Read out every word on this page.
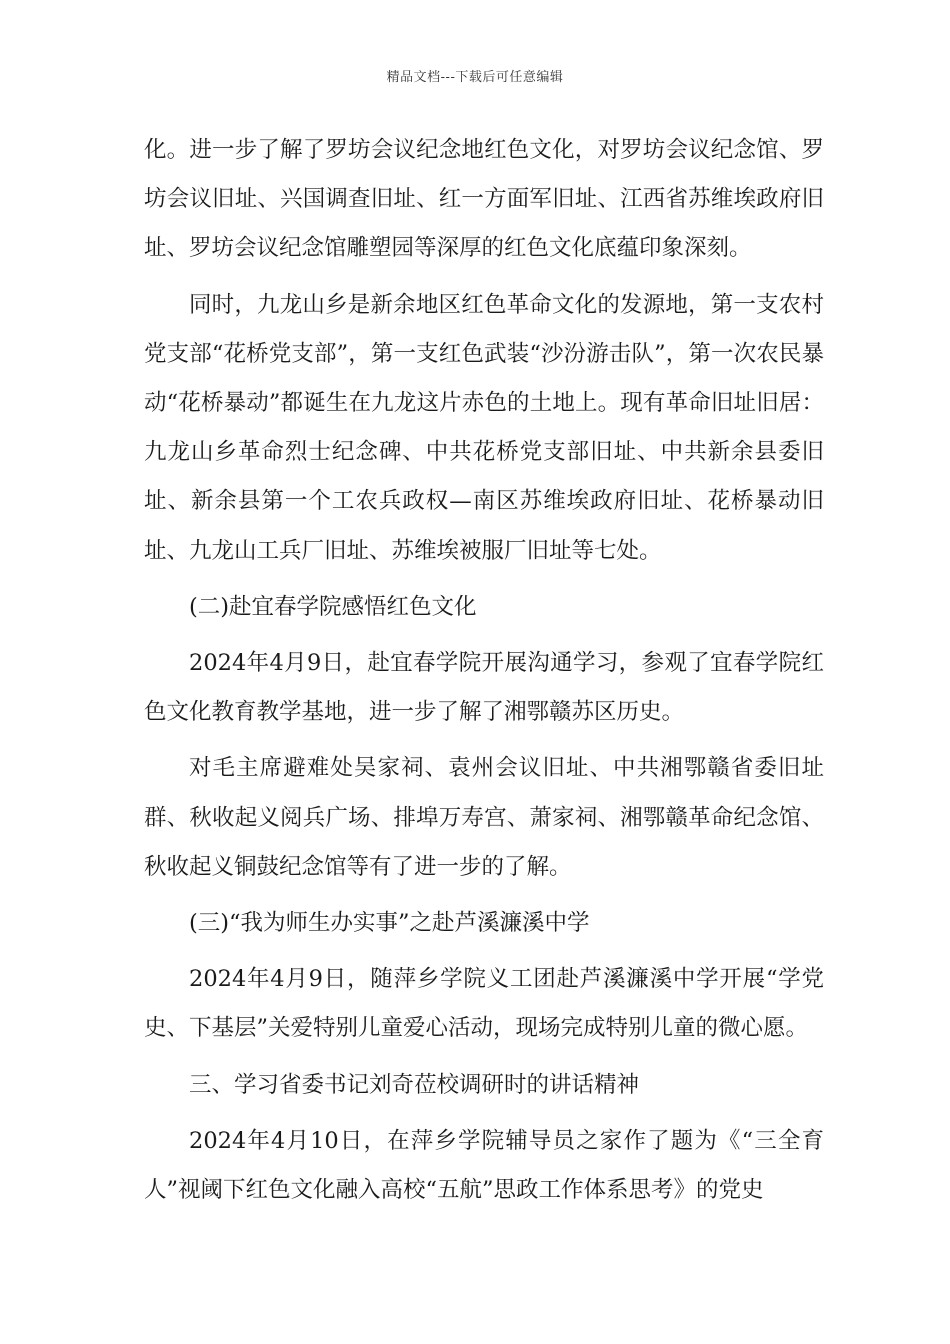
精品文档---下载后可任意编辑

化。进一步了解了罗坊会议纪念地红色文化，对罗坊会议纪念馆、罗坊会议旧址、兴国调查旧址、红一方面军旧址、江西省苏维埃政府旧址、罗坊会议纪念馆雕塑园等深厚的红色文化底蕴印象深刻。

同时，九龙山乡是新余地区红色革命文化的发源地，第一支农村党支部“花桥党支部”，第一支红色武装“沙汾游击队”，第一次农民暴动“花桥暴动”都诞生在九龙这片赤色的土地上。现有革命旧址旧居：九龙山乡革命烈士纪念碑、中共花桥党支部旧址、中共新余县委旧址、新余县第一个工农兵政权—南区苏维埃政府旧址、花桥暴动旧址、九龙山工兵厂旧址、苏维埃被服厂旧址等七处。

(二)赴宜春学院感悟红色文化

2024年4月9日，赴宜春学院开展沟通学习，参观了宜春学院红色文化教育教学基地，进一步了解了湘鄂赣苏区历史。

对毛主席避难处吴家祠、袁州会议旧址、中共湘鄂赣省委旧址群、秋收起义阅兵广场、排埠万寿宫、萧家祠、湘鄂赣革命纪念馆、秋收起义铜鼓纪念馆等有了进一步的了解。

(三)“我为师生办实事”之赴芦溪濂溪中学

2024年4月9日，随萍乡学院义工团赴芦溪濂溪中学开展“学党史、下基层”关爱特别儿童爱心活动，现场完成特别儿童的微心愿。

三、学习省委书记刘奇莅校调研时的讲话精神

2024年4月10日，在萍乡学院辅导员之家作了题为《“三全育人”视阈下红色文化融入高校“五航”思政工作体系思考》的党史
